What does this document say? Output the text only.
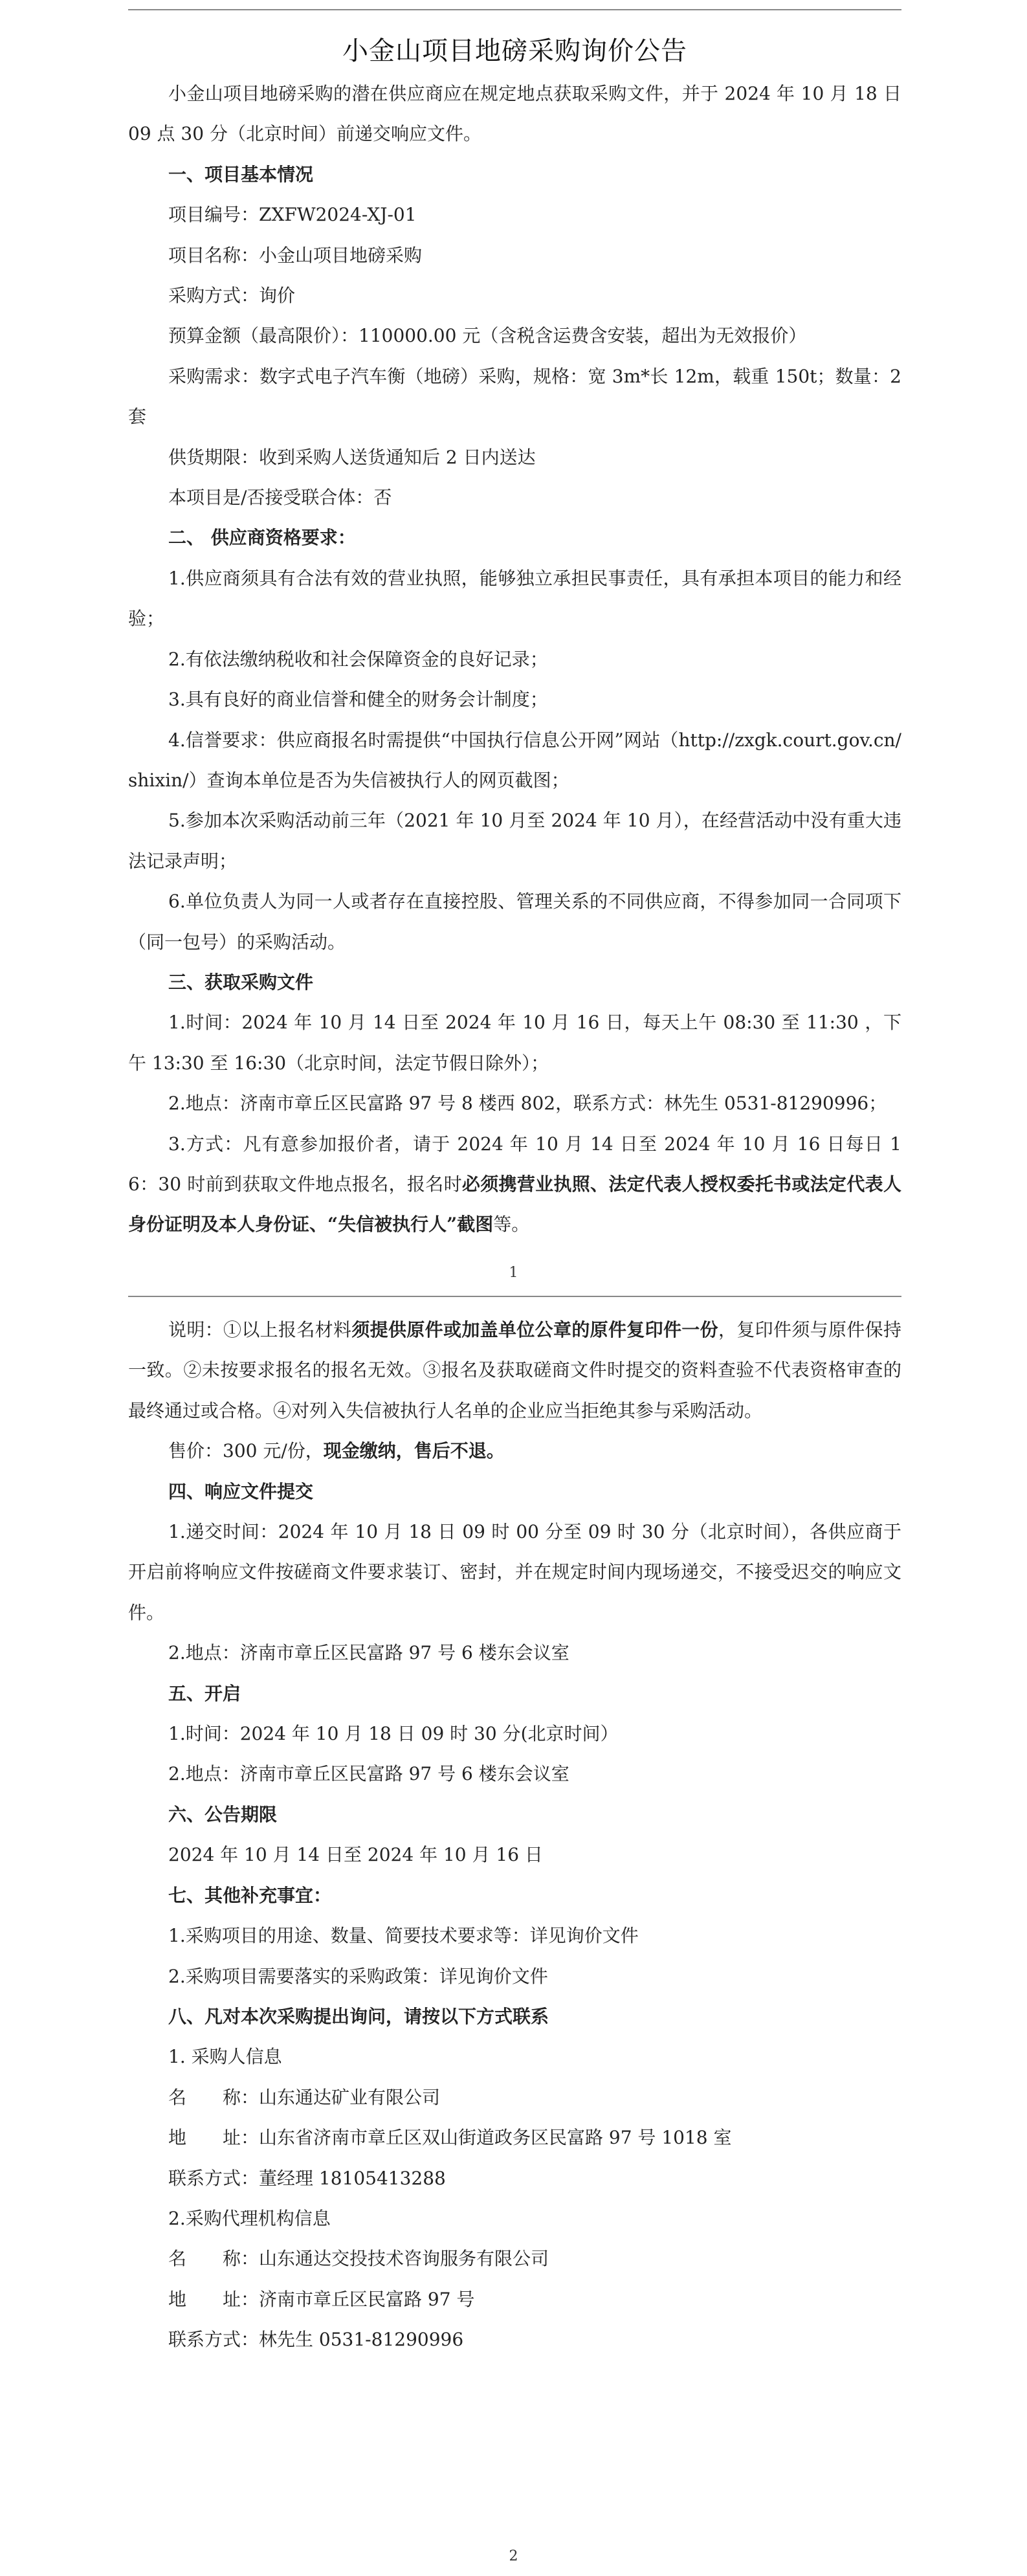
小金山项目地磅采购询价公告

小金山项目地磅采购的潜在供应商应在规定地点获取采购文件，并于 2024 年 10 月 18 日 09 点 30 分（北京时间）前递交响应文件。

一、项目基本情况

项目编号：ZXFW2024-XJ-01

项目名称：小金山项目地磅采购

采购方式：询价

预算金额（最高限价）：110000.00 元（含税含运费含安装，超出为无效报价）

采购需求：数字式电子汽车衡（地磅）采购，规格：宽 3m*长 12m，载重 150t；数量：2 套

供货期限：收到采购人送货通知后 2 日内送达

本项目是/否接受联合体：否

二、 供应商资格要求：

1.供应商须具有合法有效的营业执照，能够独立承担民事责任，具有承担本项目的能力和经验；

2.有依法缴纳税收和社会保障资金的良好记录；

3.具有良好的商业信誉和健全的财务会计制度；

4.信誉要求：供应商报名时需提供“中国执行信息公开网”网站（http://zxgk.court.gov.cn/shixin/）查询本单位是否为失信被执行人的网页截图；

5.参加本次采购活动前三年（2021 年 10 月至 2024 年 10 月），在经营活动中没有重大违法记录声明；

6.单位负责人为同一人或者存在直接控股、管理关系的不同供应商，不得参加同一合同项下（同一包号）的采购活动。

三、获取采购文件

1.时间：2024 年 10 月 14 日至 2024 年 10 月 16 日，每天上午 08:30 至 11:30 ，下午 13:30 至 16:30（北京时间，法定节假日除外）；

2.地点：济南市章丘区民富路 97 号 8 楼西 802，联系方式：林先生 0531-81290996；

3.方式：凡有意参加报价者，请于 2024 年 10 月 14 日至 2024 年 10 月 16 日每日 16：30 时前到获取文件地点报名，报名时必须携营业执照、法定代表人授权委托书或法定代表人身份证明及本人身份证、“失信被执行人”截图等。

1

说明：①以上报名材料须提供原件或加盖单位公章的原件复印件一份，复印件须与原件保持一致。②未按要求报名的报名无效。③报名及获取磋商文件时提交的资料查验不代表资格审查的最终通过或合格。④对列入失信被执行人名单的企业应当拒绝其参与采购活动。

售价：300 元/份，现金缴纳，售后不退。

四、响应文件提交

1.递交时间：2024 年 10 月 18 日 09 时 00 分至 09 时 30 分（北京时间），各供应商于开启前将响应文件按磋商文件要求装订、密封，并在规定时间内现场递交，不接受迟交的响应文件。

2.地点：济南市章丘区民富路 97 号 6 楼东会议室

五、开启

1.时间：2024 年 10 月 18 日 09 时 30 分(北京时间）

2.地点：济南市章丘区民富路 97 号 6 楼东会议室

六、公告期限

2024 年 10 月 14 日至 2024 年 10 月 16 日

七、其他补充事宜：

1.采购项目的用途、数量、简要技术要求等：详见询价文件

2.采购项目需要落实的采购政策：详见询价文件

八、凡对本次采购提出询问，请按以下方式联系

1. 采购人信息

名　　称：山东通达矿业有限公司

地　　址：山东省济南市章丘区双山街道政务区民富路 97 号 1018 室

联系方式：董经理 18105413288

2.采购代理机构信息

名　　称：山东通达交投技术咨询服务有限公司

地　　址：济南市章丘区民富路 97 号

联系方式：林先生 0531-81290996

2
